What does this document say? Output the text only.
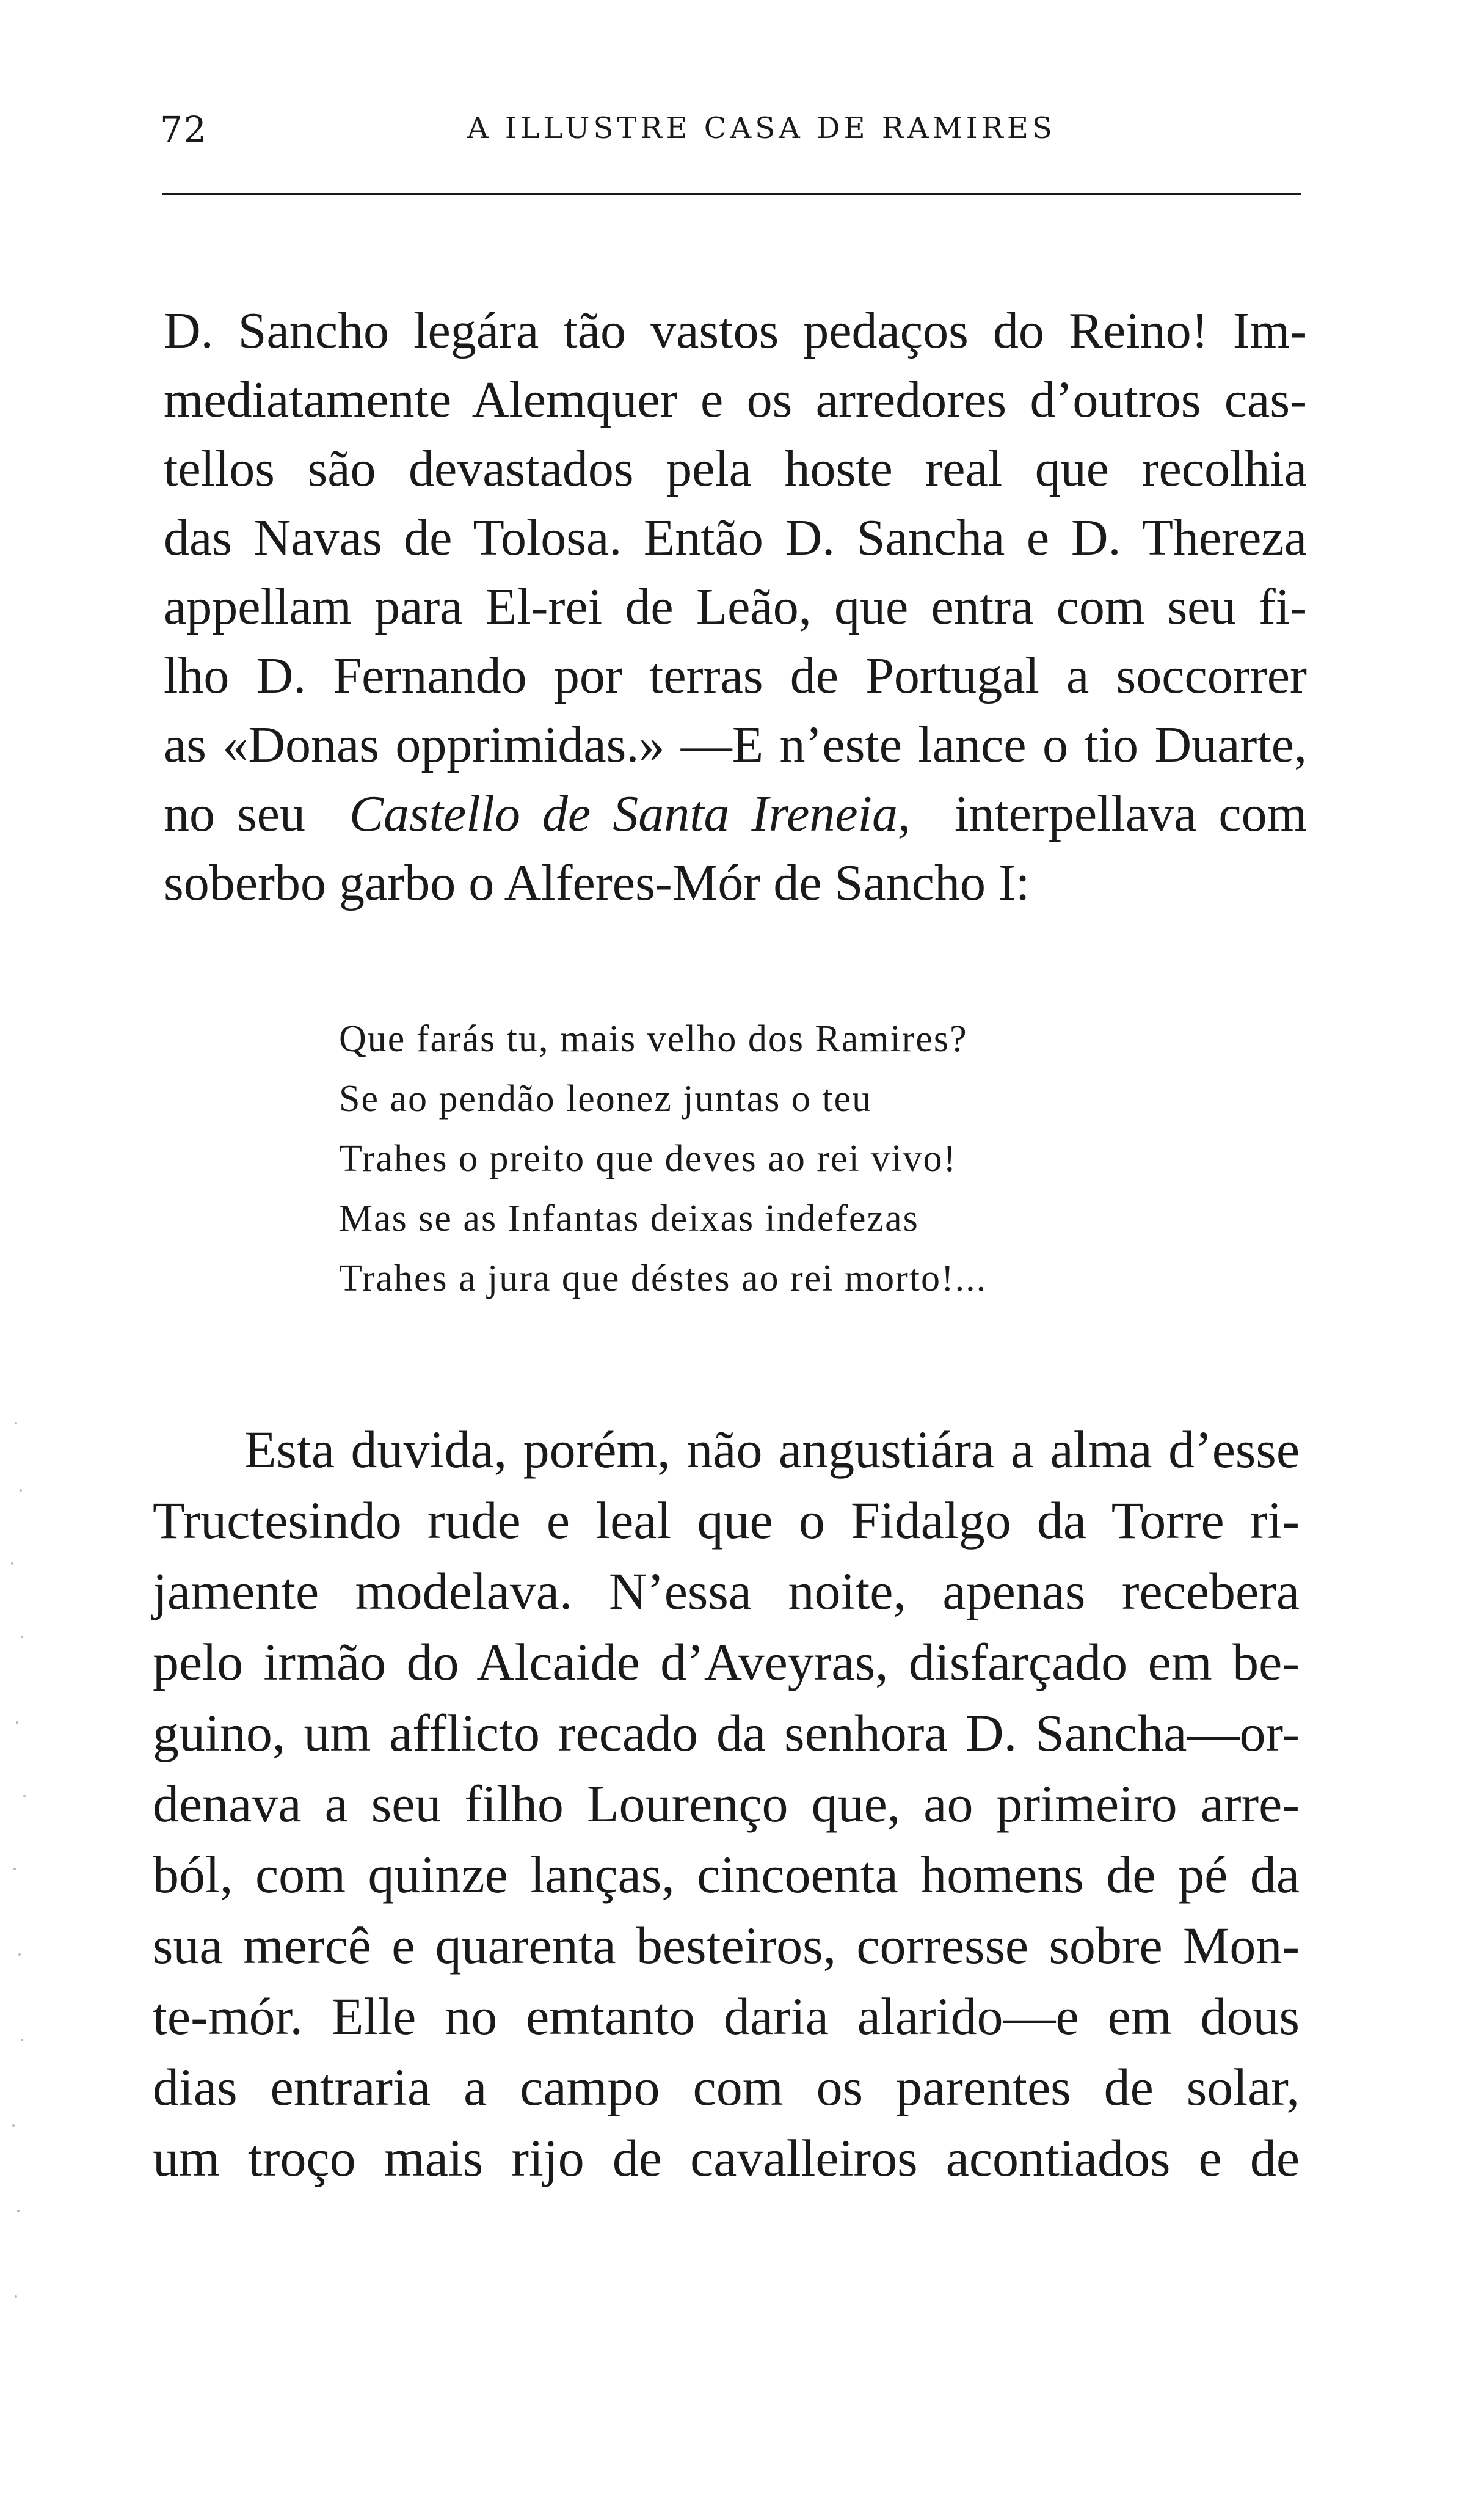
72	A ILLUSTRE CASA DE RAMIRES
D. Sancho legára tão vastos pedaços do Reino! Im-
mediatamente Alemquer e os arredores d’outros cas-
tellos são devastados pela hoste real que recolhia
das Navas de Tolosa. Então D. Sancha e D. Thereza
appellam para El-rei de Leão, que entra com seu fi-
lho D. Fernando por terras de Portugal a soccorrer
as «Donas opprimidas.» —E n’este lance o tio Duarte,
no seu Castello de Santa Ireneia, interpellava com
soberbo garbo o Alferes-Mór de Sancho I:
Que farás tu, mais velho dos Ramires?
Se ao pendão leonez juntas o teu
Trahes o preito que deves ao rei vivo!
Mas se as Infantas deixas indefezas
Trahes a jura que déstes ao rei morto!...
Esta duvida, porém, não angustiára a alma d’esse
Tructesindo rude e leal que o Fidalgo da Torre ri-
jamente modelava. N’essa noite, apenas recebera
pelo irmão do Alcaide d’Aveyras, disfarçado em be-
guino, um afflicto recado da senhora D. Sancha—or-
denava a seu filho Lourenço que, ao primeiro arre-
ból, com quinze lanças, cincoenta homens de pé da
sua mercê e quarenta besteiros, corresse sobre Mon-
te-mór. Elle no emtanto daria alarido—e em dous
dias entraria a campo com os parentes de solar,
um troço mais rijo de cavalleiros acontiados e de
